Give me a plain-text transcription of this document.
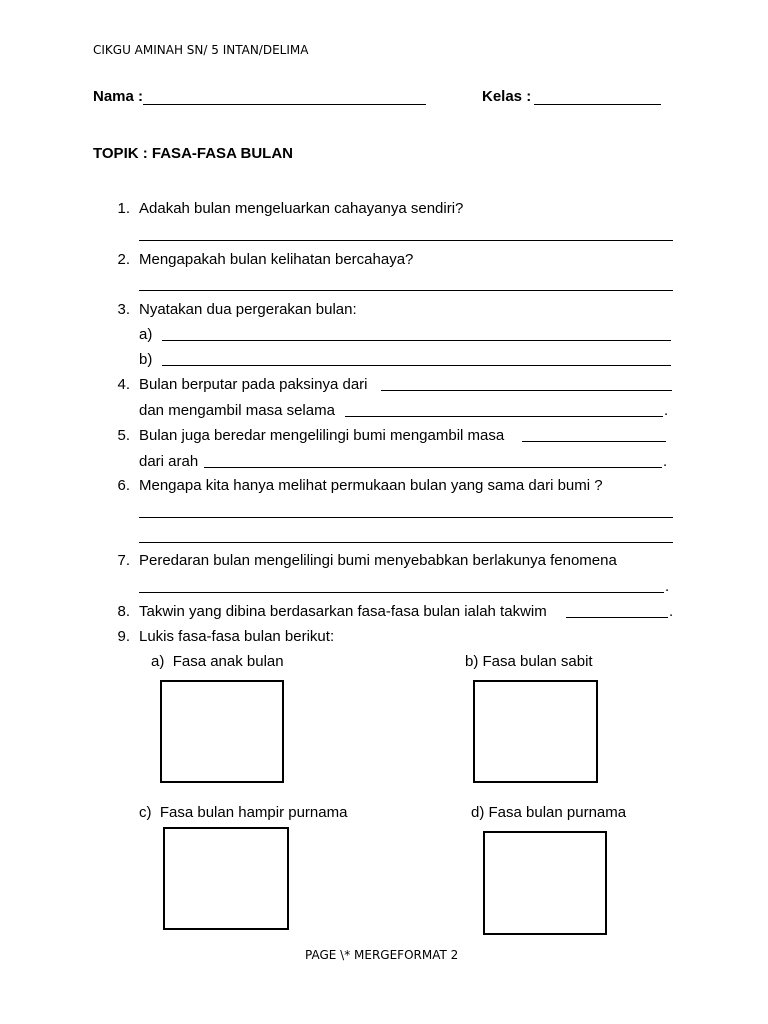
CIKGU AMINAH SN/ 5 INTAN/DELIMA
Nama :	Kelas :
TOPIK : FASA-FASA BULAN
1. Adakah bulan mengeluarkan cahayanya sendiri?
2. Mengapakah bulan kelihatan bercahaya?
3. Nyatakan dua pergerakan bulan:
a)
b)
4. Bulan berputar pada paksinya dari
dan mengambil masa selama	.
5. Bulan juga beredar mengelilingi bumi mengambil masa
dari arah	.
6. Mengapa kita hanya melihat permukaan bulan yang sama dari bumi ?
7. Peredaran bulan mengelilingi bumi menyebabkan berlakunya fenomena
.
8. Takwin yang dibina berdasarkan fasa-fasa bulan ialah takwim	.
9. Lukis fasa-fasa bulan berikut:
a) Fasa anak bulan	b) Fasa bulan sabit
c) Fasa bulan hampir purnama	d) Fasa bulan purnama
PAGE \* MERGEFORMAT 2
